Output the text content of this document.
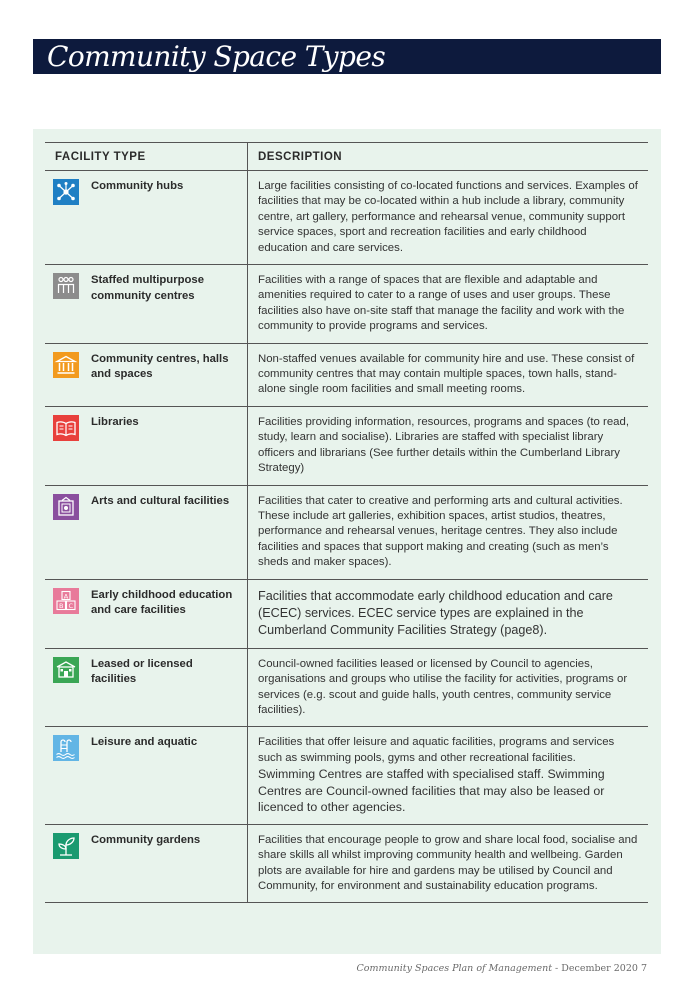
Community Space Types
FACILITY TYPE	DESCRIPTION

Community hubs	Large facilities consisting of co-located functions and services. Examples of facilities that may be co-located within a hub include a library, community centre, art gallery, performance and rehearsal venue, community support service spaces, sport and recreation facilities and early childhood education and care services.

Staffed multipurpose community centres	Facilities with a range of spaces that are flexible and adaptable and amenities required to cater to a range of uses and user groups. These facilities also have on-site staff that manage the facility and work with the community to provide programs and services.

Community centres, halls and spaces	Non-staffed venues available for community hire and use. These consist of community centres that may contain multiple spaces, town halls, stand-alone single room facilities and small meeting rooms.

Libraries	Facilities providing information, resources, programs and spaces (to read, study, learn and socialise). Libraries are staffed with specialist library officers and librarians (See further details within the Cumberland Library Strategy)

Arts and cultural facilities	Facilities that cater to creative and performing arts and cultural activities. These include art galleries, exhibition spaces, artist studios, theatres, performance and rehearsal venues, heritage centres. They also include facilities and spaces that support making and creating (such as men’s sheds and maker spaces).

A
B C
Early childhood education and care facilities	Facilities that accommodate early childhood education and care (ECEC) services. ECEC service types are explained in the Cumberland Community Facilities Strategy (page8).

Leased or licensed facilities	Council-owned facilities leased or licensed by Council to agencies, organisations and groups who utilise the facility for activities, programs or services (e.g. scout and guide halls, youth centres, community service facilities).

Leisure and aquatic	Facilities that offer leisure and aquatic facilities, programs and services such as swimming pools, gyms and other recreational facilities.
Swimming Centres are staffed with specialised staff. Swimming Centres are Council-owned facilities that may also be leased or licenced to other agencies.

Community gardens	Facilities that encourage people to grow and share local food, socialise and share skills all whilst improving community health and wellbeing. Garden plots are available for hire and gardens may be utilised by Council and Community, for environment and sustainability education programs.
Community Spaces Plan of Management - December 2020 7
